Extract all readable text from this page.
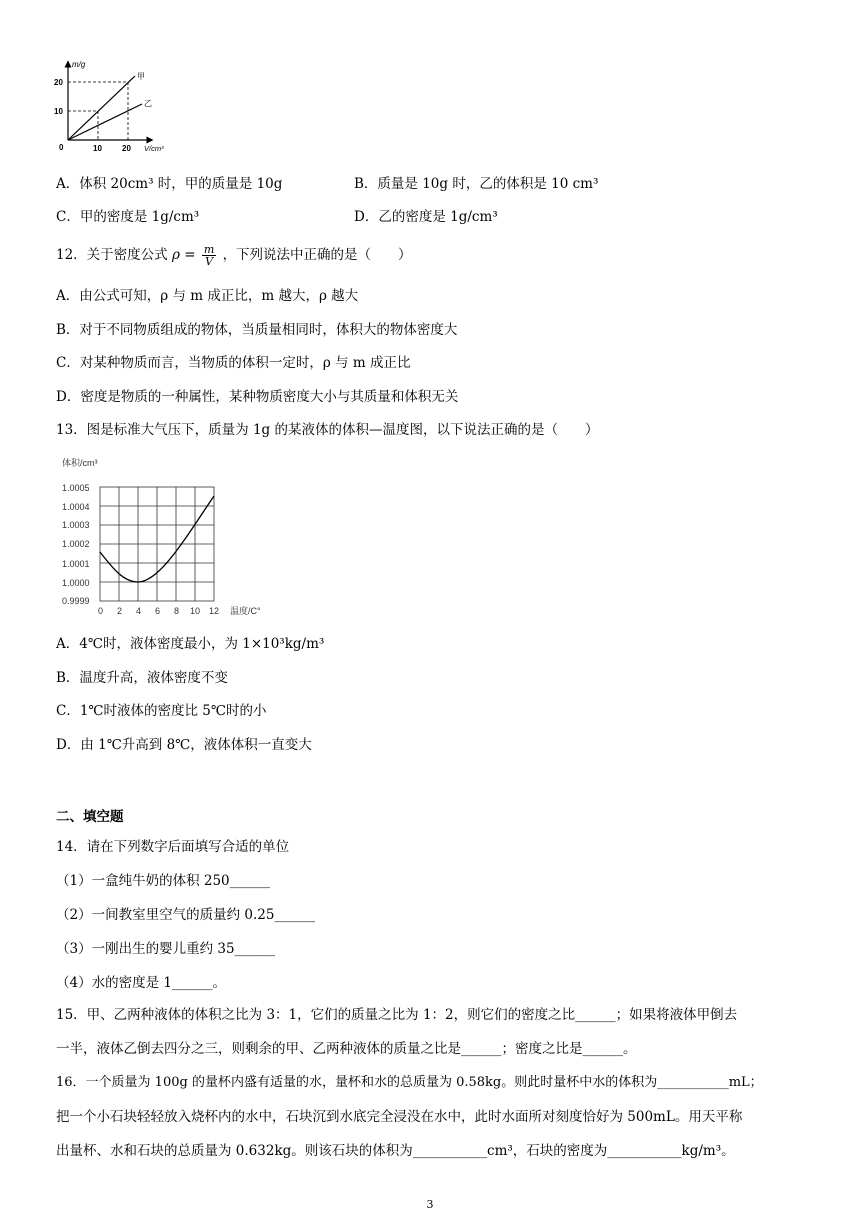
m/g
0
10
20
10	20 V/cm³
甲
乙
A．体积 20cm³ 时，甲的质量是 10g	B．质量是 10g 时，乙的体积是 10 cm³
C．甲的密度是 1g/cm³	D．乙的密度是 1g/cm³
12．关于密度公式 $\rho = \frac{m}{V}$ ，下列说法中正确的是（　　）
A．由公式可知，ρ 与 m 成正比，m 越大，ρ 越大
B．对于不同物质组成的物体，当质量相同时，体积大的物体密度大
C．对某种物质而言，当物质的体积一定时，ρ 与 m 成正比
D．密度是物质的一种属性，某种物质密度大小与其质量和体积无关
13．图是标准大气压下，质量为 1g 的某液体的体积—温度图，以下说法正确的是（　　）
体积/cm³
1.0005
1.0004
1.0003
1.0002
1.0001
1.0000
0.9999
0 2 4 6 8 10 12 温度/C°
A．4℃时，液体密度最小，为 1×10³kg/m³
B．温度升高，液体密度不变
C．1℃时液体的密度比 5℃时的小
D．由 1℃升高到 8℃，液体体积一直变大
二、填空题
14．请在下列数字后面填写合适的单位
（1）一盒纯牛奶的体积 250______
（2）一间教室里空气的质量约 0.25______
（3）一刚出生的婴儿重约 35______
（4）水的密度是 1______。
15．甲、乙两种液体的体积之比为 3：1，它们的质量之比为 1：2，则它们的密度之比______；如果将液体甲倒去
一半，液体乙倒去四分之三，则剩余的甲、乙两种液体的质量之比是______；密度之比是______。
16．一个质量为 100g 的量杯内盛有适量的水，量杯和水的总质量为 0.58kg。则此时量杯中水的体积为___________mL；
把一个小石块轻轻放入烧杯内的水中，石块沉到水底完全浸没在水中，此时水面所对刻度恰好为 500mL。用天平称
出量杯、水和石块的总质量为 0.632kg。则该石块的体积为___________cm³，石块的密度为___________kg/m³。
3
